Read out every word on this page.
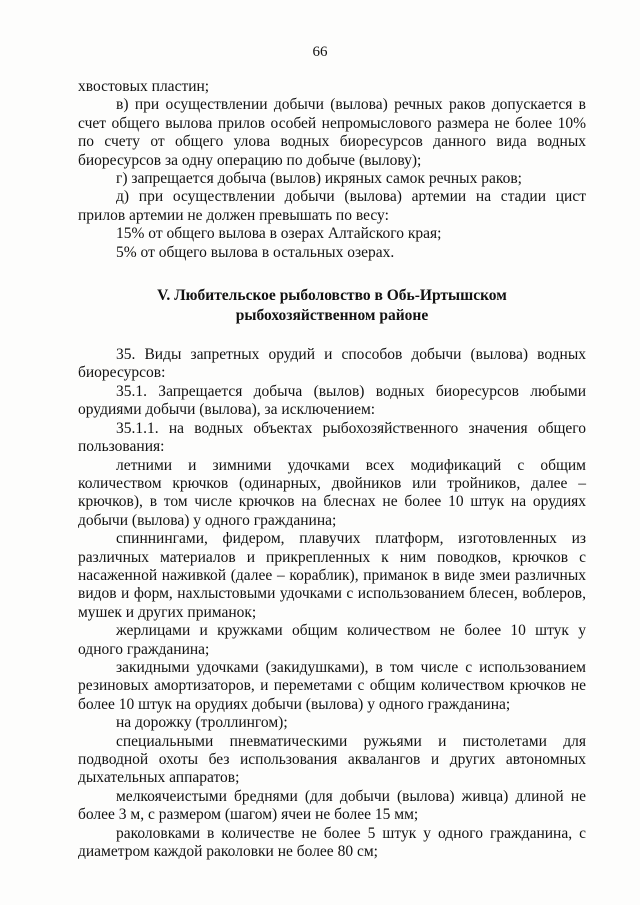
66

хвостовых пластин;

в) при осуществлении добычи (вылова) речных раков допускается в счет общего вылова прилов особей непромыслового размера не более 10% по счету от общего улова водных биоресурсов данного вида водных биоресурсов за одну операцию по добыче (вылову);

г) запрещается добыча (вылов) икряных самок речных раков;

д) при осуществлении добычи (вылова) артемии на стадии цист прилов артемии не должен превышать по весу:

15% от общего вылова в озерах Алтайского края;

5% от общего вылова в остальных озерах.

V. Любительское рыболовство в Обь-Иртышском рыбохозяйственном районе

35. Виды запретных орудий и способов добычи (вылова) водных биоресурсов:

35.1. Запрещается добыча (вылов) водных биоресурсов любыми орудиями добычи (вылова), за исключением:

35.1.1. на водных объектах рыбохозяйственного значения общего пользования:

летними и зимними удочками всех модификаций с общим количеством крючков (одинарных, двойников или тройников, далее – крючков), в том числе крючков на блеснах не более 10 штук на орудиях добычи (вылова) у одного гражданина;

спиннингами, фидером, плавучих платформ, изготовленных из различных материалов и прикрепленных к ним поводков, крючков с насаженной наживкой (далее – кораблик), приманок в виде змеи различных видов и форм, нахлыстовыми удочками с использованием блесен, воблеров, мушек и других приманок;

жерлицами и кружками общим количеством не более 10 штук у одного гражданина;

закидными удочками (закидушками), в том числе с использованием резиновых амортизаторов, и переметами с общим количеством крючков не более 10 штук на орудиях добычи (вылова) у одного гражданина;

на дорожку (троллингом);

специальными пневматическими ружьями и пистолетами для подводной охоты без использования аквалангов и других автономных дыхательных аппаратов;

мелкоячеистыми бреднями (для добычи (вылова) живца) длиной не более 3 м, с размером (шагом) ячеи не более 15 мм;

раколовками в количестве не более 5 штук у одного гражданина, с диаметром каждой раколовки не более 80 см;
